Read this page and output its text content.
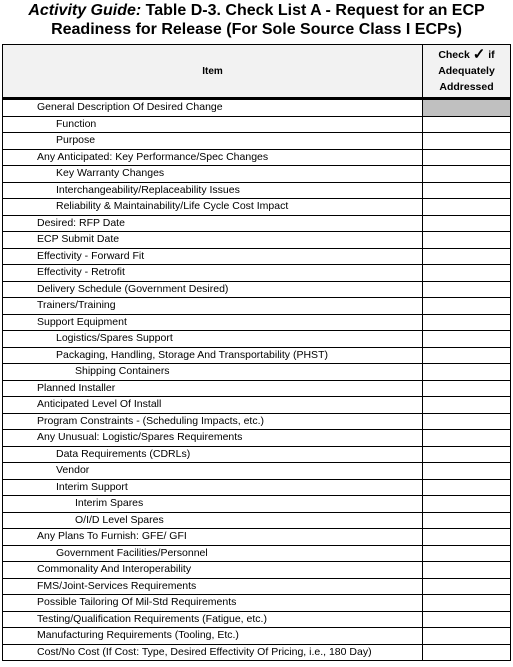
Activity Guide: Table D-3. Check List A - Request for an ECP
Readiness for Release (For Sole Source Class I ECPs)
Item	Check ✓ if
Adequately
Addressed
General Description Of Desired Change	
Function	
Purpose	
Any Anticipated: Key Performance/Spec Changes	
Key Warranty Changes	
Interchangeability/Replaceability Issues	
Reliability & Maintainability/Life Cycle Cost Impact	
Desired: RFP Date	
ECP Submit Date	
Effectivity - Forward Fit	
Effectivity - Retrofit	
Delivery Schedule (Government Desired)	
Trainers/Training	
Support Equipment	
Logistics/Spares Support	
Packaging, Handling, Storage And Transportability (PHST)	
Shipping Containers	
Planned Installer	
Anticipated Level Of Install	
Program Constraints - (Scheduling Impacts, etc.)	
Any Unusual: Logistic/Spares Requirements	
Data Requirements (CDRLs)	
Vendor	
Interim Support	
Interim Spares	
O/I/D Level Spares	
Any Plans To Furnish: GFE/ GFI	
Government Facilities/Personnel	
Commonality And Interoperability	
FMS/Joint-Services Requirements	
Possible Tailoring Of Mil-Std Requirements	
Testing/Qualification Requirements (Fatigue, etc.)	
Manufacturing Requirements (Tooling, Etc.)	
Cost/No Cost (If Cost: Type, Desired Effectivity Of Pricing, i.e., 180 Day)	
